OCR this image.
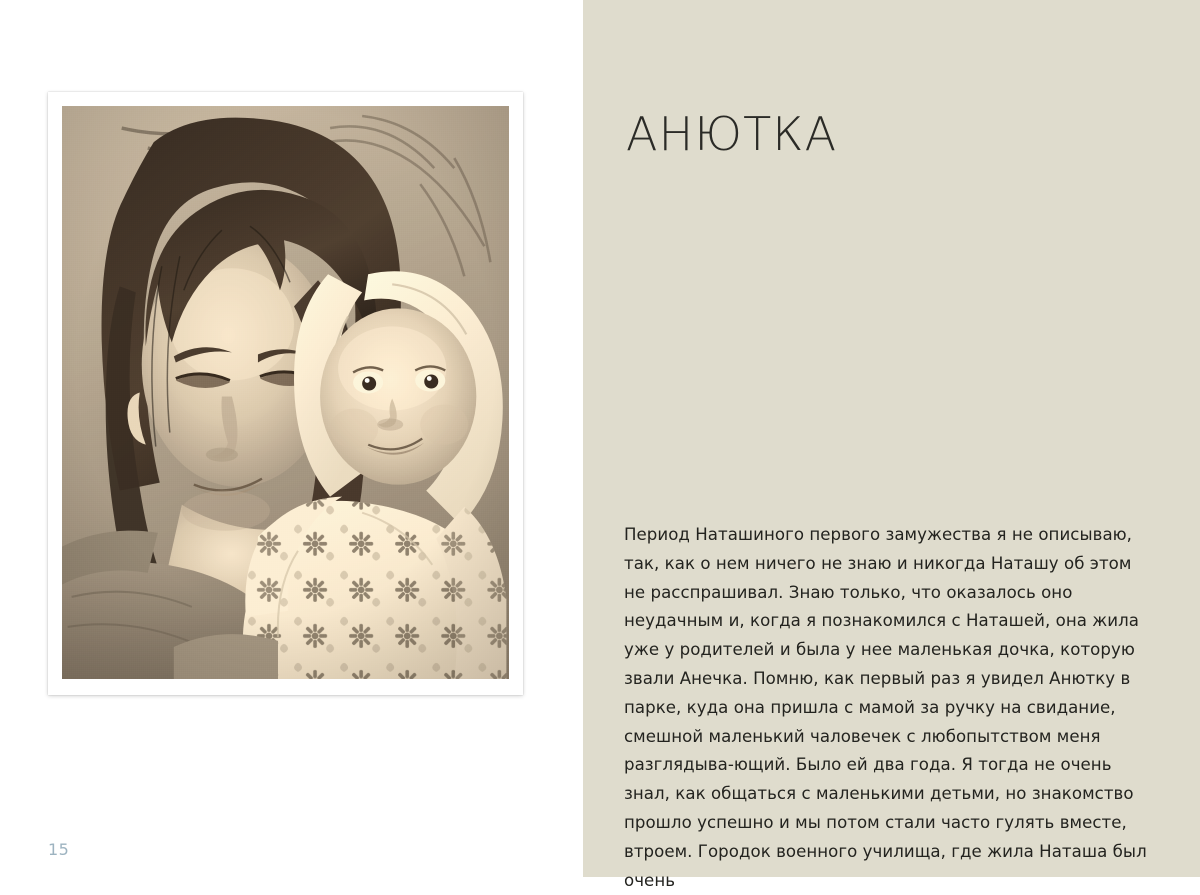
15
АНЮТКА

Период Наташиного первого замужества я не описываю, так, как о нем ничего не знаю и никогда Наташу об этом не расспрашивал. Знаю только, что оказалось оно неудачным и, когда я познакомился с Наташей, она жила уже у родителей и была у нее маленькая дочка, которую звали Анечка. Помню, как первый раз я увидел Анютку в парке, куда она пришла с мамой за ручку на свидание, смешной маленький чаловечек с любопытством меня разглядыва-ющий. Было ей два года. Я тогда не очень знал, как общаться с маленькими детьми, но знакомство прошло успешно и мы потом стали часто гулять вместе, втроем. Городок военного училища, где жила Наташа был очень
